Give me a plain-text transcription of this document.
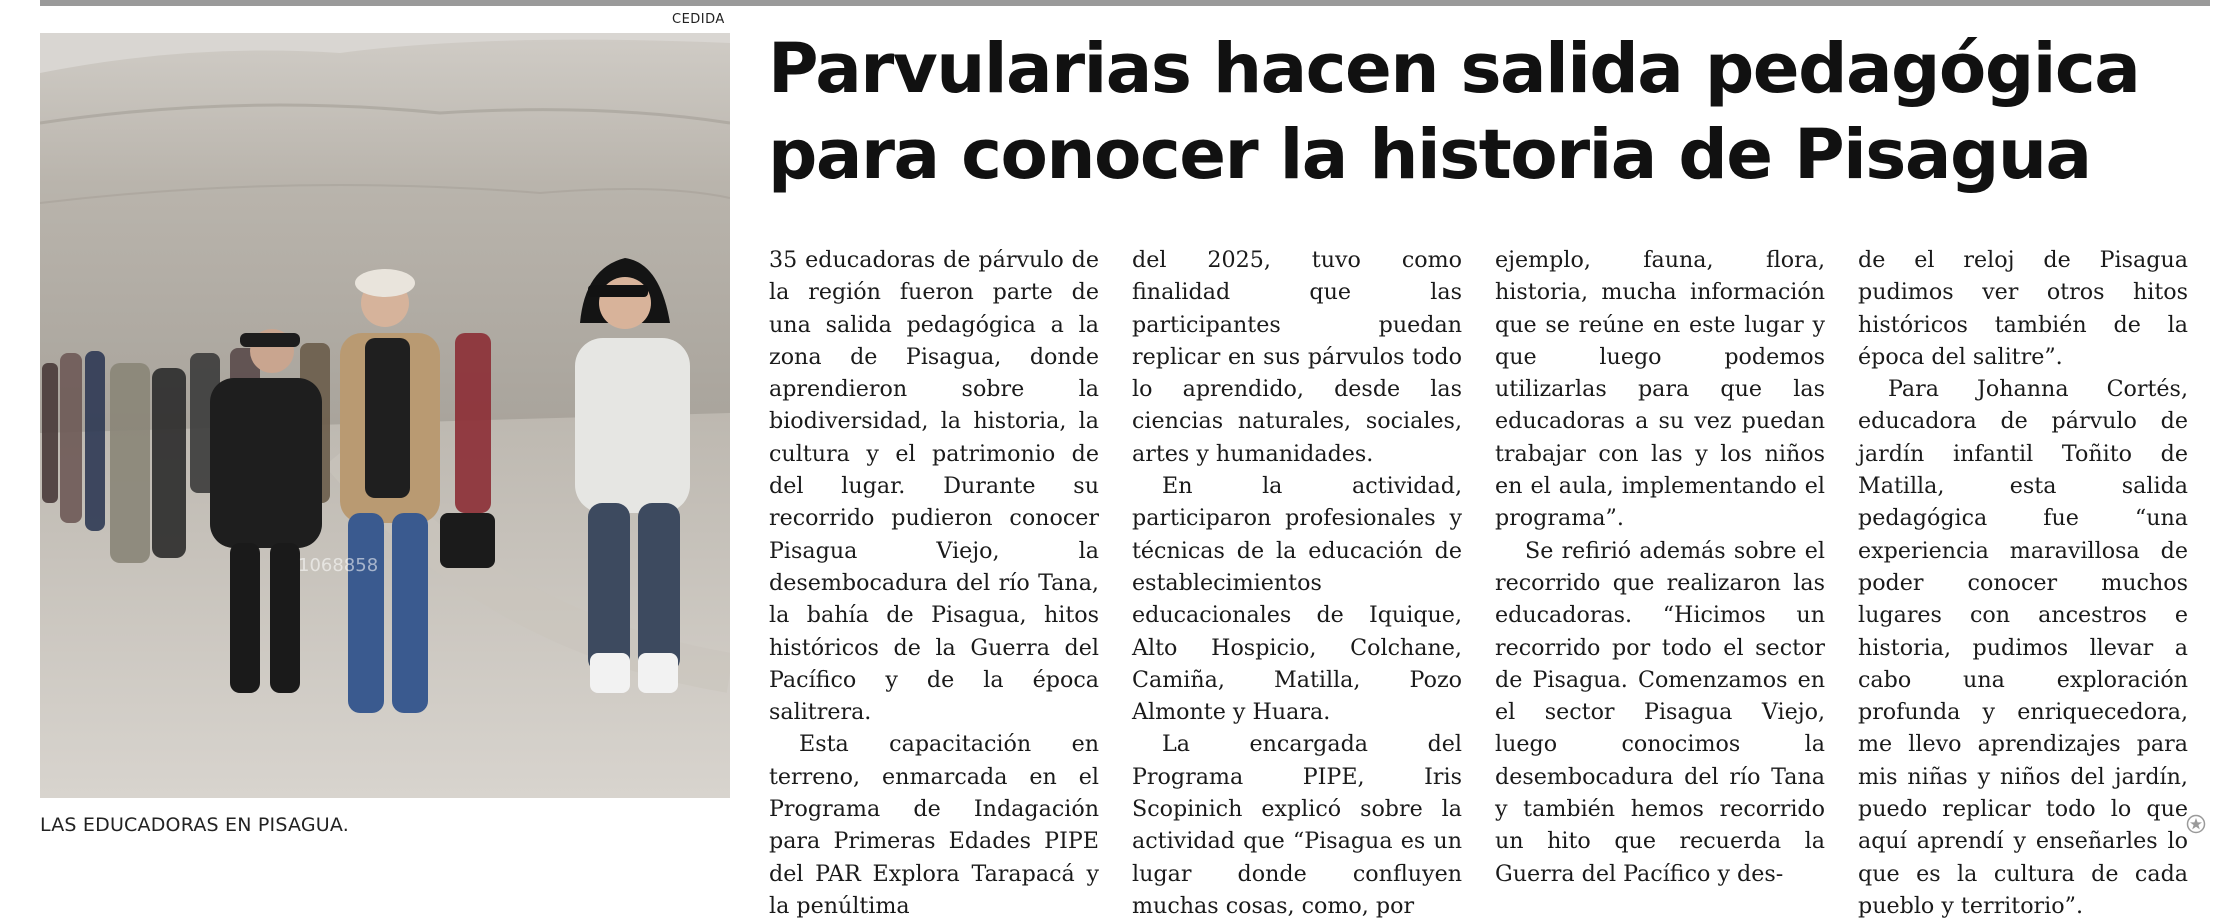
CEDIDA
1068858
LAS EDUCADORAS EN PISAGUA.
Parvularias hacen salida pedagógica para conocer la historia de Pisagua

35 educadoras de párvulo de la región fueron parte de una salida pedagógica a la zona de Pisagua, donde aprendieron sobre la biodiversidad, la historia, la cultura y el patrimonio de del lugar. Durante su recorrido pudieron conocer Pisagua Viejo, la desembocadura del río Tana, la bahía de Pisagua, hitos históricos de la Guerra del Pacífico y de la época salitrera.

Esta capacitación en terreno, enmarcada en el Programa de Indagación para Primeras Edades PIPE del PAR Explora Tarapacá y la penúltima

del 2025, tuvo como finalidad que las participantes puedan replicar en sus párvulos todo lo aprendido, desde las ciencias naturales, sociales, artes y humanidades.

En la actividad, participaron profesionales y técnicas de la educación de establecimientos educacionales de Iquique, Alto Hospicio, Colchane, Camiña, Matilla, Pozo Almonte y Huara.

La encargada del Programa PIPE, Iris Scopinich explicó sobre la actividad que “Pisagua es un lugar donde confluyen muchas cosas, como, por

ejemplo, fauna, flora, historia, mucha información que se reúne en este lugar y que luego podemos utilizarlas para que las educadoras a su vez puedan trabajar con las y los niños en el aula, implementando el programa”.

Se refirió además sobre el recorrido que realizaron las educadoras. “Hicimos un recorrido por todo el sector de Pisagua. Comenzamos en el sector Pisagua Viejo, luego conocimos la desembocadura del río Tana y también hemos recorrido un hito que recuerda la Guerra del Pacífico y des-

de el reloj de Pisagua pudimos ver otros hitos históricos también de la época del salitre”.

Para Johanna Cortés, educadora de párvulo de jardín infantil Toñito de Matilla, esta salida pedagógica fue “una experiencia maravillosa de poder conocer muchos lugares con ancestros e historia, pudimos llevar a cabo una exploración profunda y enriquecedora, me llevo aprendizajes para mis niñas y niños del jardín, puedo replicar todo lo que aquí aprendí y enseñarles lo que es la cultura de cada pueblo y territorio”.
